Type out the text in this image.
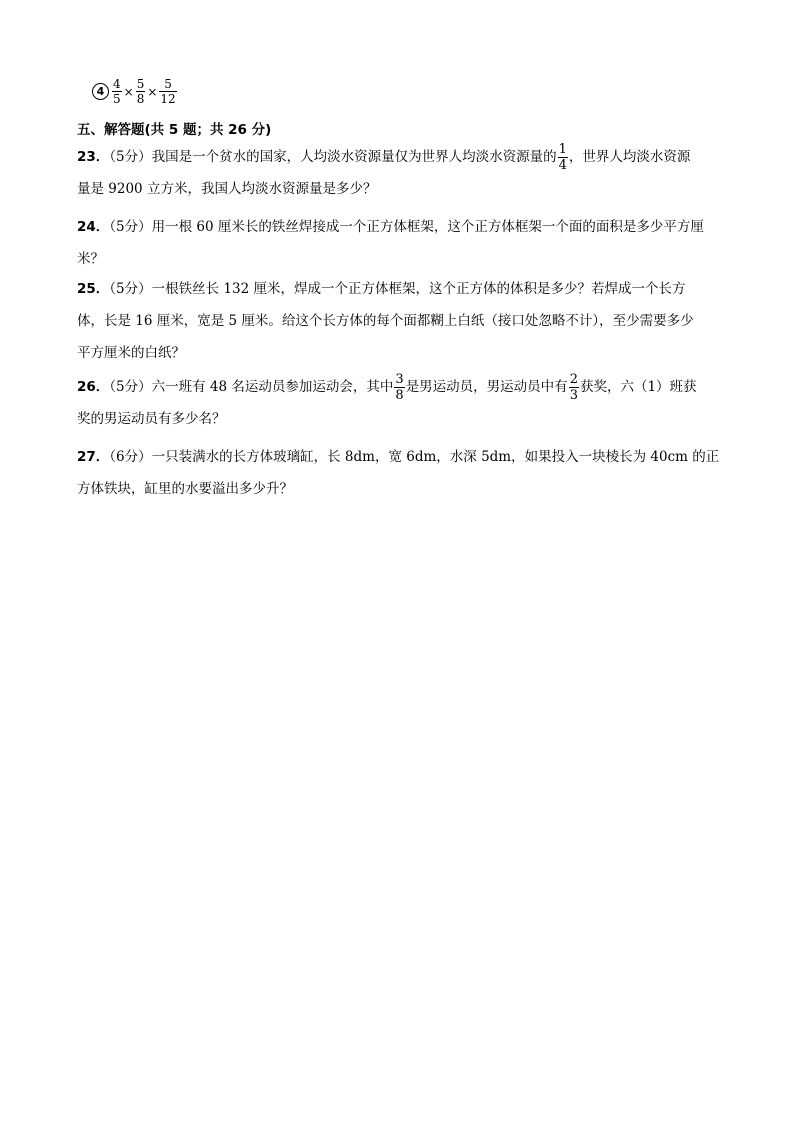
$4 \frac{4}{5} \times \frac{5}{8} \times \frac{5}{12}$
五、解答题(共 5 题；共 26 分)
23．（5分）我国是一个贫水的国家，人均淡水资源量仅为世界人均淡水资源量的 $\frac{1}{4}$ ，世界人均淡水资源
量是 9200 立方米，我国人均淡水资源量是多少？
24．（5分）用一根 60 厘米长的铁丝焊接成一个正方体框架，这个正方体框架一个面的面积是多少平方厘
米？
25．（5分）一根铁丝长 132 厘米，焊成一个正方体框架，这个正方体的体积是多少？若焊成一个长方
体，长是 16 厘米，宽是 5 厘米。给这个长方体的每个面都糊上白纸（接口处忽略不计），至少需要多少
平方厘米的白纸？
26．（5分）六一班有 48 名运动员参加运动会，其中 $\frac{3}{8}$ 是男运动员，男运动员中有 $\frac{2}{3}$ 获奖，六（1）班获
奖的男运动员有多少名？
27．（6分）一只装满水的长方体玻璃缸，长 8dm，宽 6dm，水深 5dm，如果投入一块棱长为 40cm 的正
方体铁块，缸里的水要溢出多少升？
